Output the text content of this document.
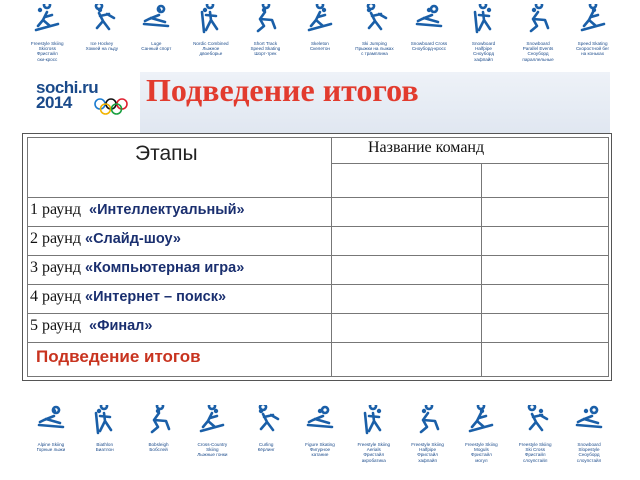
Freestyle Skiing
Skicross
Фристайл
ски-кросс
Ice Hockey
Хоккей на льду
Luge
Санный спорт
Nordic Combined
Лыжное
двоеборье
Short Track
Speed Skating
Шорт-трек
Skeleton
Скелетон
Ski Jumping
Прыжки на лыжах
с трамплина
Snowboard Cross
Сноуборд-кросс
Snowboard
Halfpipe
Сноуборд
хафпайп
Snowboard
Parallel Events
Сноуборд
параллельные
Speed Skating
Скоростной бег
на коньках
sochi.ru
2014 Подведение итогов
Этапы	Название команд
1 раунд «Интеллектуальный»
2 раунд «Слайд-шоу»
3 раунд «Компьютерная игра»
4 раунд «Интернет – поиск»
5 раунд «Финал»
Подведение итогов
Alpine Skiing
Горные лыжи
Biathlon
Биатлон
Bobsleigh
Бобслей
Cross-Country
Skiing
Лыжные гонки
Curling
Кёрлинг
Figure Skating
Фигурное
катание
Freestyle Skiing
Aerials
Фристайл
акробатика
Freestyle Skiing
Halfpipe
Фристайл
хафпайп
Freestyle Skiing
Moguls
Фристайл
могул
Freestyle Skiing
Ski Cross
Фристайл
слоупстайл
Snowboard
Slopestyle
Сноуборд
слоупстайл
